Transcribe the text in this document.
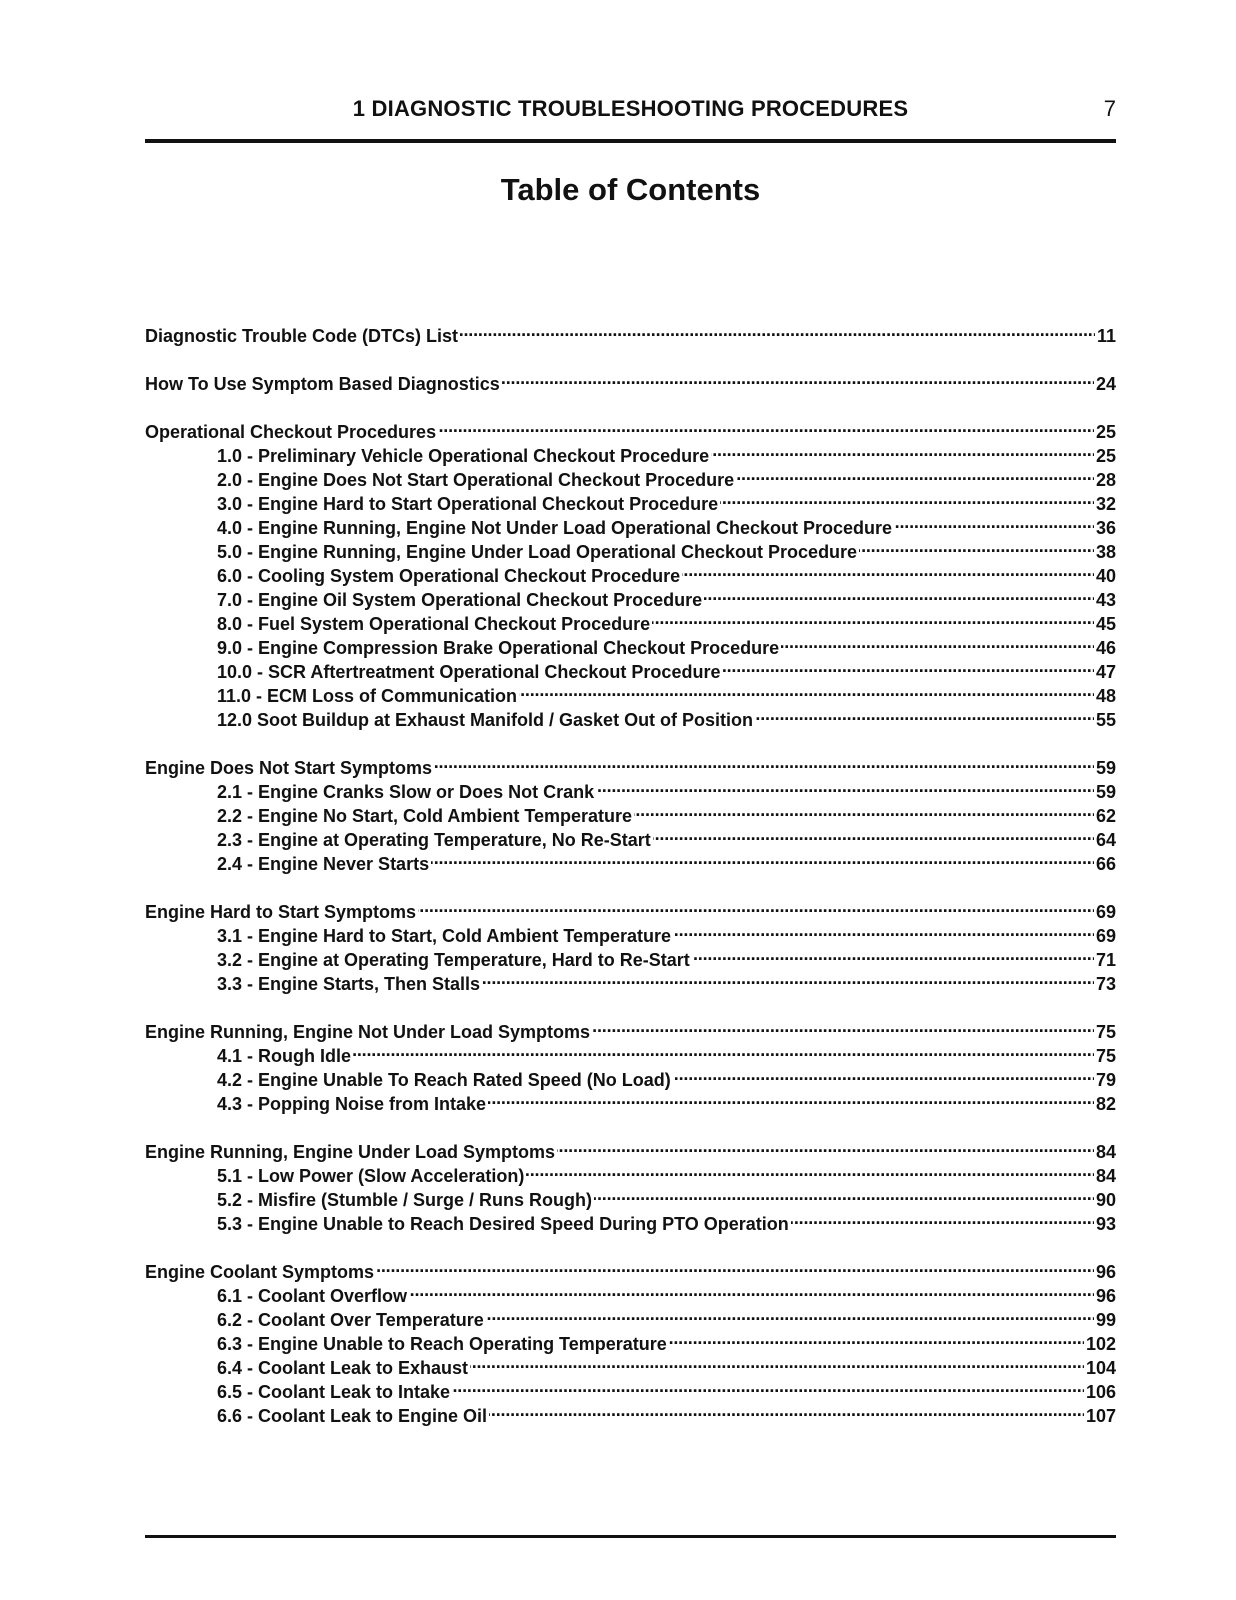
1 DIAGNOSTIC TROUBLESHOOTING PROCEDURES	7
Table of Contents
Diagnostic Trouble Code (DTCs) List . . .	11
How To Use Symptom Based Diagnostics . . .	24
Operational Checkout Procedures . . .	25
1.0 - Preliminary Vehicle Operational Checkout Procedure . . .	25
2.0 - Engine Does Not Start Operational Checkout Procedure . . .	28
3.0 - Engine Hard to Start Operational Checkout Procedure . . .	32
4.0 - Engine Running, Engine Not Under Load Operational Checkout Procedure . . .	36
5.0 - Engine Running, Engine Under Load Operational Checkout Procedure . . .	38
6.0 - Cooling System Operational Checkout Procedure . . .	40
7.0 - Engine Oil System Operational Checkout Procedure . . .	43
8.0 - Fuel System Operational Checkout Procedure . . .	45
9.0 - Engine Compression Brake Operational Checkout Procedure . . .	46
10.0 - SCR Aftertreatment Operational Checkout Procedure . . .	47
11.0 - ECM Loss of Communication . . .	48
12.0 Soot Buildup at Exhaust Manifold / Gasket Out of Position . . .	55
Engine Does Not Start Symptoms . . .	59
2.1 - Engine Cranks Slow or Does Not Crank . . .	59
2.2 - Engine No Start, Cold Ambient Temperature . . .	62
2.3 - Engine at Operating Temperature, No Re-Start . . .	64
2.4 - Engine Never Starts . . .	66
Engine Hard to Start Symptoms . . .	69
3.1 - Engine Hard to Start, Cold Ambient Temperature . . .	69
3.2 - Engine at Operating Temperature, Hard to Re-Start . . .	71
3.3 - Engine Starts, Then Stalls . . .	73
Engine Running, Engine Not Under Load Symptoms . . .	75
4.1 - Rough Idle . . .	75
4.2 - Engine Unable To Reach Rated Speed (No Load) . . .	79
4.3 - Popping Noise from Intake . . .	82
Engine Running, Engine Under Load Symptoms . . .	84
5.1 - Low Power (Slow Acceleration) . . .	84
5.2 - Misfire (Stumble / Surge / Runs Rough) . . .	90
5.3 - Engine Unable to Reach Desired Speed During PTO Operation . . .	93
Engine Coolant Symptoms . . .	96
6.1 - Coolant Overflow . . .	96
6.2 - Coolant Over Temperature . . .	99
6.3 - Engine Unable to Reach Operating Temperature . . .	102
6.4 - Coolant Leak to Exhaust . . .	104
6.5 - Coolant Leak to Intake . . .	106
6.6 - Coolant Leak to Engine Oil . . .	107
